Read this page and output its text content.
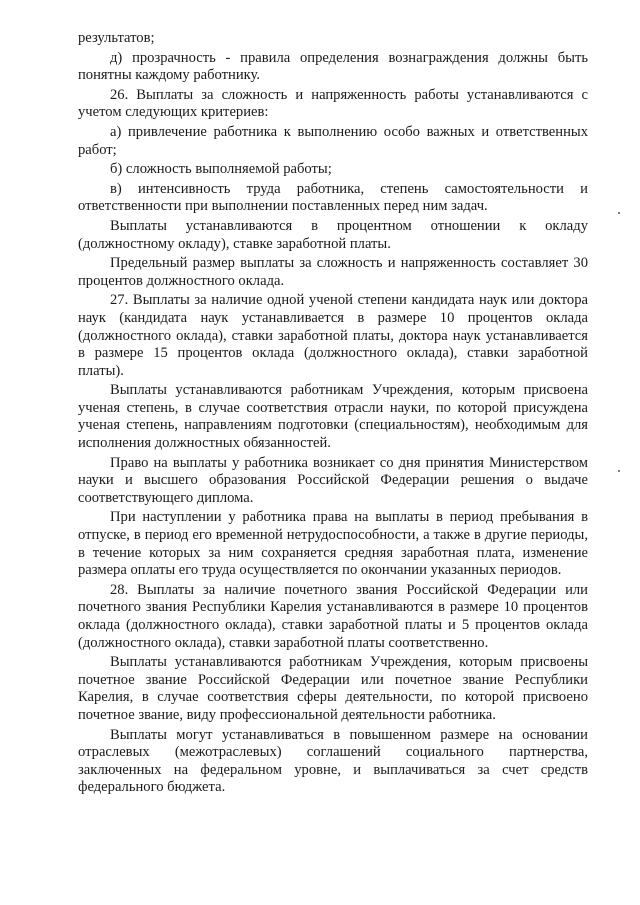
результатов;

д) прозрачность - правила определения вознаграждения должны быть понятны каждому работнику.

26. Выплаты за сложность и напряженность работы устанавливаются с учетом следующих критериев:

а) привлечение работника к выполнению особо важных и ответственных работ;

б) сложность выполняемой работы;

в) интенсивность труда работника, степень самостоятельности и ответственности при выполнении поставленных перед ним задач.

Выплаты устанавливаются в процентном отношении к окладу (должностному окладу), ставке заработной платы.

Предельный размер выплаты за сложность и напряженность составляет 30 процентов должностного оклада.

27. Выплаты за наличие одной ученой степени кандидата наук или доктора наук (кандидата наук устанавливается в размере 10 процентов оклада (должностного оклада), ставки заработной платы, доктора наук устанавливается в размере 15 процентов оклада (должностного оклада), ставки заработной платы).

Выплаты устанавливаются работникам Учреждения, которым присвоена ученая степень, в случае соответствия отрасли науки, по которой присуждена ученая степень, направлениям подготовки (специальностям), необходимым для исполнения должностных обязанностей.

Право на выплаты у работника возникает со дня принятия Министерством науки и высшего образования Российской Федерации решения о выдаче соответствующего диплома.

При наступлении у работника права на выплаты в период пребывания в отпуске, в период его временной нетрудоспособности, а также в другие периоды, в течение которых за ним сохраняется средняя заработная плата, изменение размера оплаты его труда осуществляется по окончании указанных периодов.

28. Выплаты за наличие почетного звания Российской Федерации или почетного звания Республики Карелия устанавливаются в размере 10 процентов оклада (должностного оклада), ставки заработной платы и 5 процентов оклада (должностного оклада), ставки заработной платы соответственно.

Выплаты устанавливаются работникам Учреждения, которым присвоены почетное звание Российской Федерации или почетное звание Республики Карелия, в случае соответствия сферы деятельности, по которой присвоено почетное звание, виду профессиональной деятельности работника.

Выплаты могут устанавливаться в повышенном размере на основании отраслевых (межотраслевых) соглашений социального партнерства, заключенных на федеральном уровне, и выплачиваться за счет средств федерального бюджета.
